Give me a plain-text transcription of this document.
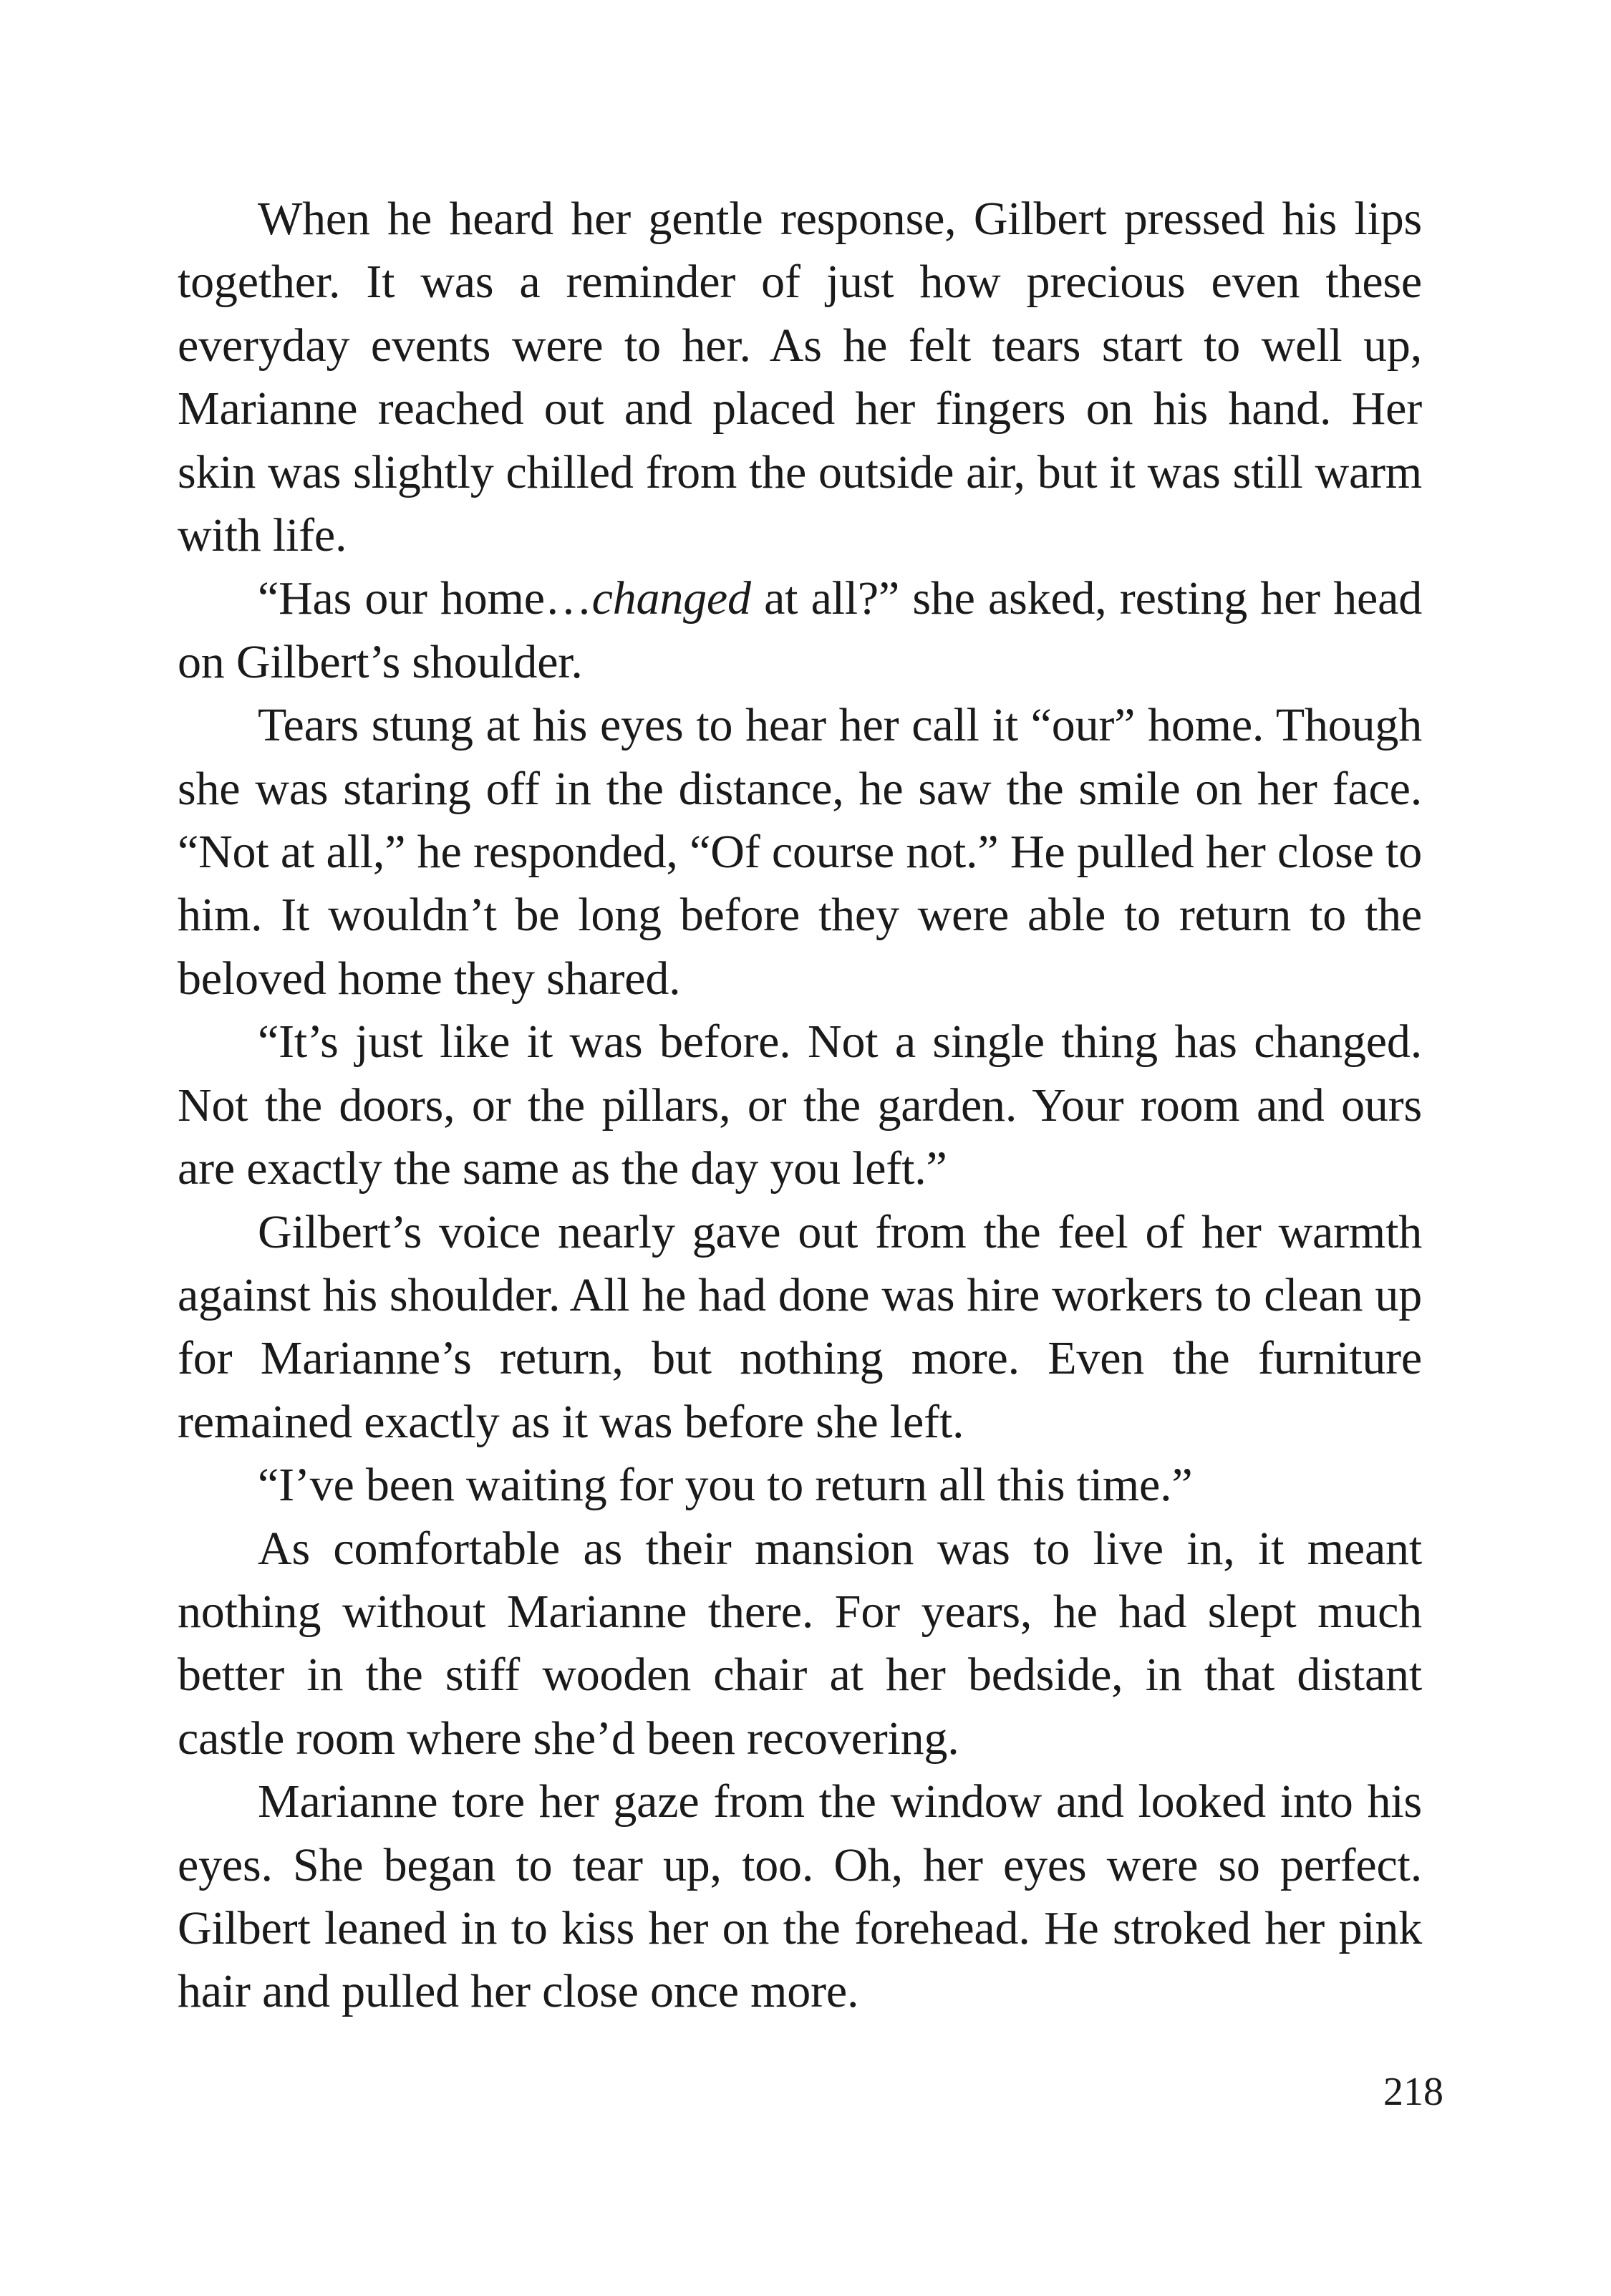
When he heard her gentle response, Gilbert pressed his lips together. It was a reminder of just how precious even these everyday events were to her. As he felt tears start to well up, Marianne reached out and placed her fingers on his hand. Her skin was slightly chilled from the outside air, but it was still warm with life.

“Has our home…changed at all?” she asked, resting her head on Gilbert’s shoulder.

Tears stung at his eyes to hear her call it “our” home. Though she was staring off in the distance, he saw the smile on her face. “Not at all,” he responded, “Of course not.” He pulled her close to him. It wouldn’t be long before they were able to return to the beloved home they shared.

“It’s just like it was before. Not a single thing has changed. Not the doors, or the pillars, or the garden. Your room and ours are exactly the same as the day you left.”

Gilbert’s voice nearly gave out from the feel of her warmth against his shoulder. All he had done was hire workers to clean up for Marianne’s return, but nothing more. Even the furniture remained exactly as it was before she left.

“I’ve been waiting for you to return all this time.”

As comfortable as their mansion was to live in, it meant nothing without Marianne there. For years, he had slept much better in the stiff wooden chair at her bedside, in that distant castle room where she’d been recovering.

Marianne tore her gaze from the window and looked into his eyes. She began to tear up, too. Oh, her eyes were so perfect. Gilbert leaned in to kiss her on the forehead. He stroked her pink hair and pulled her close once more.

218
